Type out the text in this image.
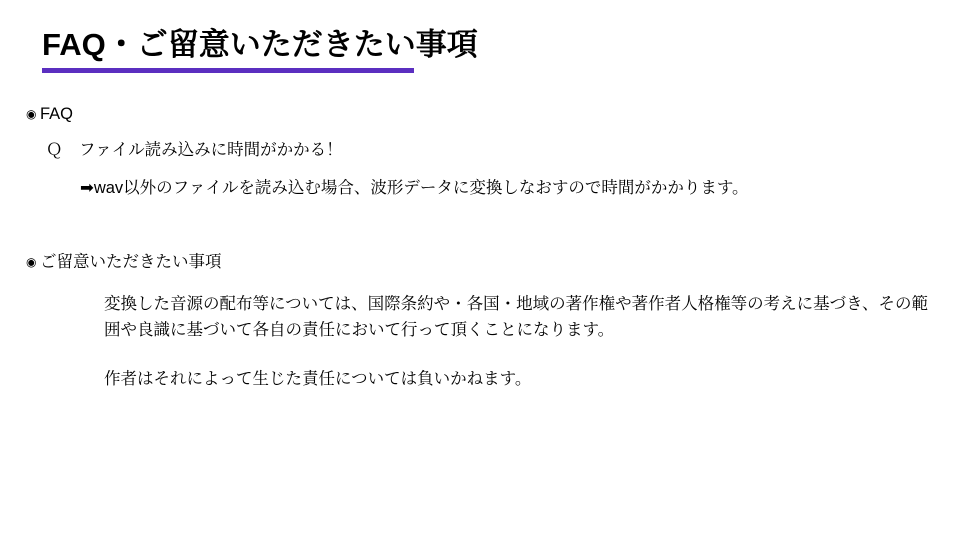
FAQ・ご留意いただきたい事項
◉ FAQ
Ｑ　ファイル読み込みに時間がかかる！
➡wav以外のファイルを読み込む場合、波形データに変換しなおすので時間がかかります。
◉ ご留意いただきたい事項
変換した音源の配布等については、国際条約や・各国・地域の著作権や著作者人格権等の考えに基づき、その範囲や良識に基づいて各自の責任において行って頂くことになります。
作者はそれによって生じた責任については負いかねます。
